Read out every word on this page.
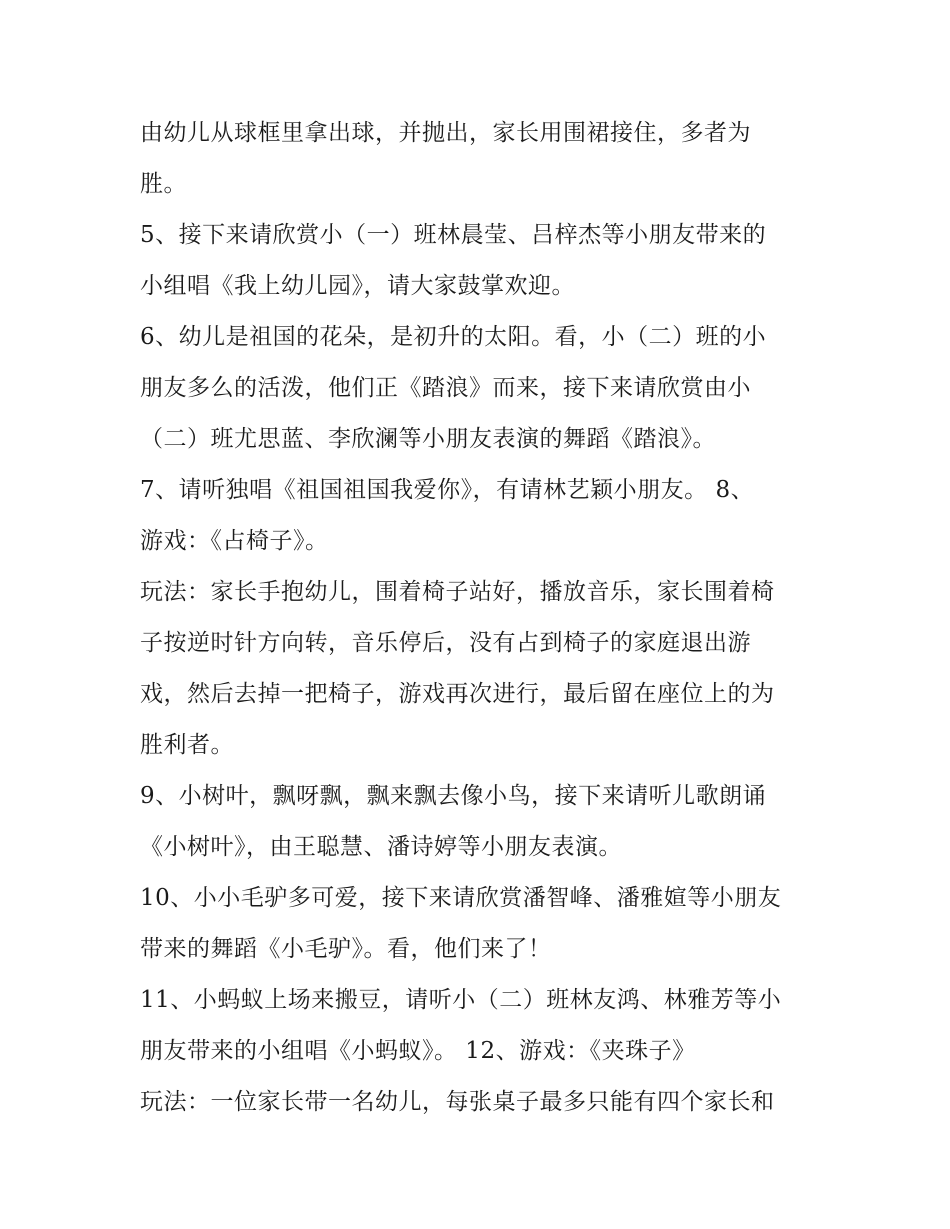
由幼儿从球框里拿出球，并抛出，家长用围裙接住，多者为
胜。
5、接下来请欣赏小（一）班林晨莹、吕梓杰等小朋友带来的
小组唱《我上幼儿园》，请大家鼓掌欢迎。
6、幼儿是祖国的花朵，是初升的太阳。看，小（二）班的小
朋友多么的活泼，他们正《踏浪》而来，接下来请欣赏由小
（二）班尤思蓝、李欣澜等小朋友表演的舞蹈《踏浪》。
7、请听独唱《祖国祖国我爱你》，有请林艺颖小朋友。 8、
游戏：《占椅子》。
玩法：家长手抱幼儿，围着椅子站好，播放音乐，家长围着椅
子按逆时针方向转，音乐停后，没有占到椅子的家庭退出游
戏，然后去掉一把椅子，游戏再次进行，最后留在座位上的为
胜利者。
9、小树叶，飘呀飘，飘来飘去像小鸟，接下来请听儿歌朗诵
《小树叶》，由王聪慧、潘诗婷等小朋友表演。
10、小小毛驴多可爱，接下来请欣赏潘智峰、潘雅媗等小朋友
带来的舞蹈《小毛驴》。看，他们来了！
11、小蚂蚁上场来搬豆，请听小（二）班林友鸿、林雅芳等小
朋友带来的小组唱《小蚂蚁》。 12、游戏：《夹珠子》
玩法：一位家长带一名幼儿，每张桌子最多只能有四个家长和
